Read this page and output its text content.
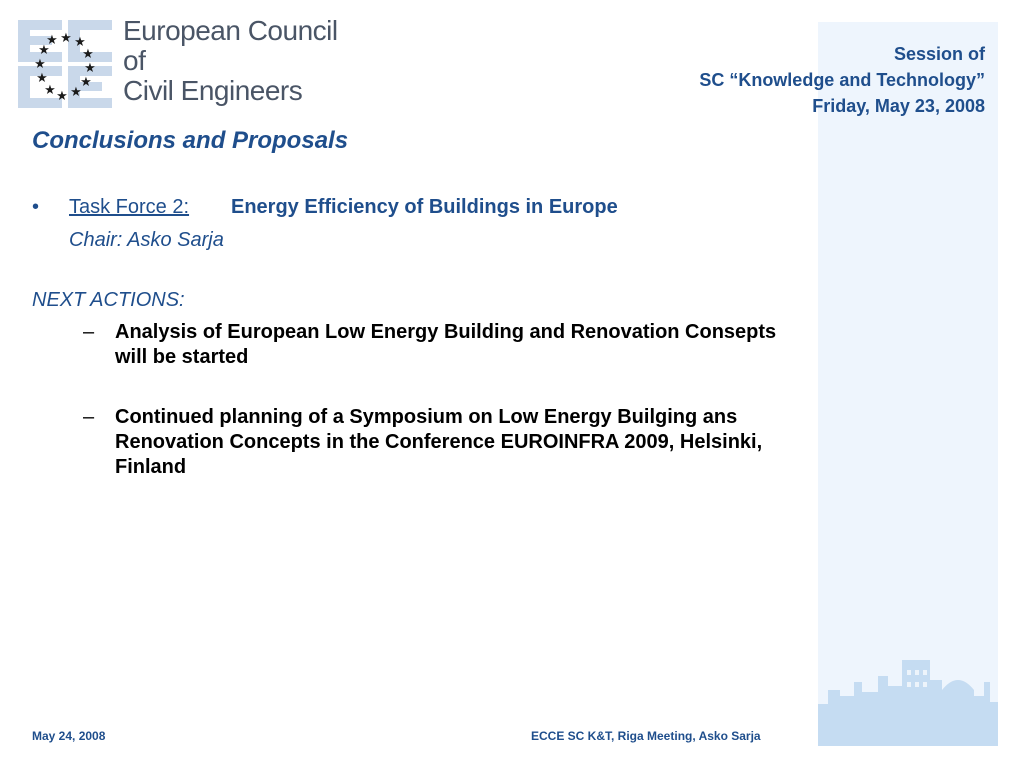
★ ★
★
★
★
★
★
★
★
★
★
★ European Council
of
Civil Engineers
Session of
SC “Knowledge and Technology”
Friday, May 23, 2008
Conclusions and Proposals
• Task Force 2: Energy Efficiency of Buildings in Europe
Chair: Asko Sarja
NEXT ACTIONS:
– Analysis of European Low Energy Building and Renovation Consepts will be started
– Continued planning of a Symposium on Low Energy Builging ans Renovation Concepts in the Conference EUROINFRA 2009, Helsinki, Finland
May 24, 2008	ECCE SC K&T, Riga Meeting, Asko Sarja
